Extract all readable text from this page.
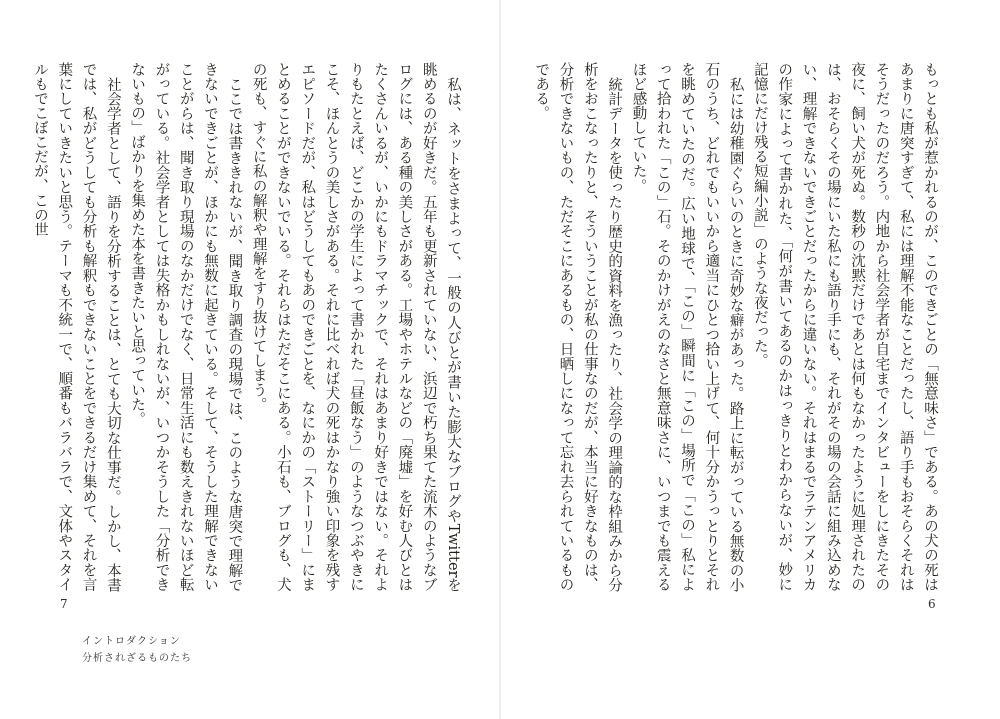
私は、ネットをさまよって、一般の人びとが書いた膨大なブログやTwitterを眺めるのが好きだ。五年も更新されていない、浜辺で朽ち果てた流木のようなブログには、ある種の美しさがある。工場やホテルなどの「廃墟」を好む人びとはたくさんいるが、いかにもドラマチックで、それはあまり好きではない。それよりもたとえば、どこかの学生によって書かれた「昼飯なう」のようなつぶやきにこそ、ほんとうの美しさがある。それに比べれば犬の死はかなり強い印象を残すエピソードだが、私はどうしてもあのできごとを、なにかの「ストーリー」にまとめることができないでいる。それらはただそこにある。小石も、ブログも、犬の死も、すぐに私の解釈や理解をすり抜けてしまう。

ここでは書ききれないが、聞き取り調査の現場では、このような唐突で理解できないできごとが、ほかにも無数に起きている。そして、そうした理解できないことがらは、聞き取り現場のなかだけでなく、日常生活にも数えきれないほど転がっている。社会学者としては失格かもしれないが、いつかそうした「分析できないもの」ばかりを集めた本を書きたいと思っていた。

社会学者として、語りを分析することは、とても大切な仕事だ。しかし、本書では、私がどうしても分析も解釈もできないことをできるだけ集めて、それを言葉にしていきたいと思う。テーマも不統一で、順番もバラバラで、文体やスタイルもでこぼこだが、この世

7
イントロダクション
分析されざるものたち

もっとも私が惹かれるのが、このできごとの「無意味さ」である。あの犬の死はあまりに唐突すぎて、私には理解不能なことだったし、語り手もおそらくそれはそうだったのだろう。内地から社会学者が自宅までインタビューをしにきたその夜に、飼い犬が死ぬ。数秒の沈黙だけであとは何もなかったように処理されたのは、おそらくその場にいた私にも語り手にも、それがその場の会話に組み込めない、理解できないできごとだったからに違いない。それはまるでラテンアメリカの作家によって書かれた、「何が書いてあるのかはっきりとわからないが、妙に記憶にだけ残る短編小説」のような夜だった。

私には幼稚園ぐらいのときに奇妙な癖があった。路上に転がっている無数の小石のうち、どれでもいいから適当にひとつ拾い上げて、何十分かうっとりとそれを眺めていたのだ。広い地球で、「この」瞬間に「この」場所で「この」私によって拾われた「この」石。そのかけがえのなさと無意味さに、いつまでも震えるほど感動していた。

統計データを使ったり歴史的資料を漁ったり、社会学の理論的な枠組みから分析をおこなったりと、そういうことが私の仕事なのだが、本当に好きなものは、分析できないもの、ただそこにあるもの、日晒しになって忘れ去られているものである。

6
